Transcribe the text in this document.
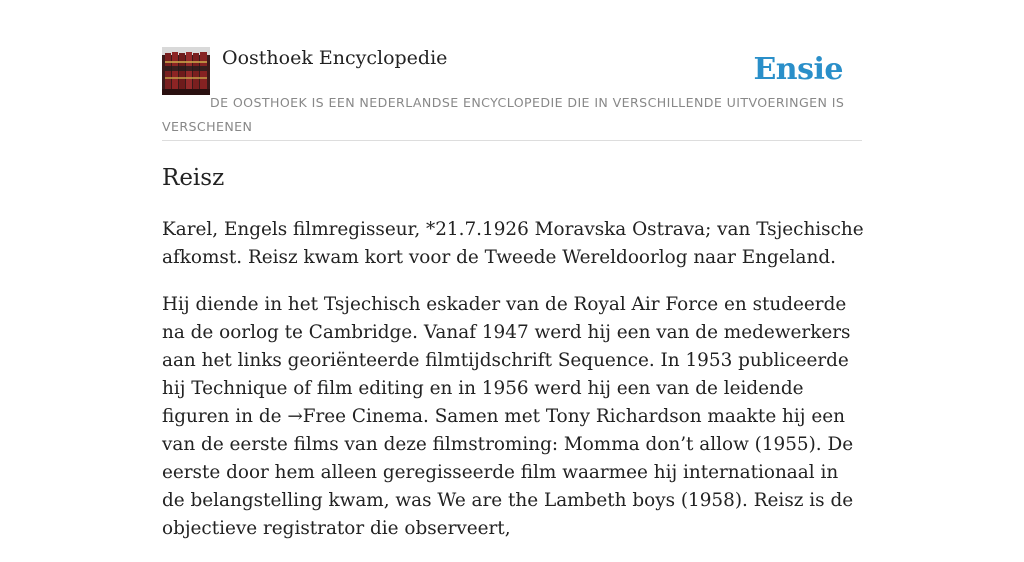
Oosthoek Encyclopedie	Ensie
DE OOSTHOEK IS EEN NEDERLANDSE ENCYCLOPEDIE DIE IN VERSCHILLENDE UITVOERINGEN IS VERSCHENEN
Reisz

Karel, Engels filmregisseur, *21.7.1926 Moravska Ostrava; van Tsjechische afkomst. Reisz kwam kort voor de Tweede Wereldoorlog naar Engeland.

Hij diende in het Tsjechisch eskader van de Royal Air Force en studeerde na de oorlog te Cambridge. Vanaf 1947 werd hij een van de medewerkers aan het links georiënteerde filmtijdschrift Sequence. In 1953 publiceerde hij Technique of film editing en in 1956 werd hij een van de leidende figuren in de →Free Cinema. Samen met Tony Richardson maakte hij een van de eerste films van deze filmstroming: Momma don’t allow (1955). De eerste door hem alleen geregisseerde film waarmee hij internationaal in de belangstelling kwam, was We are the Lambeth boys (1958). Reisz is de objectieve registrator die observeert,
